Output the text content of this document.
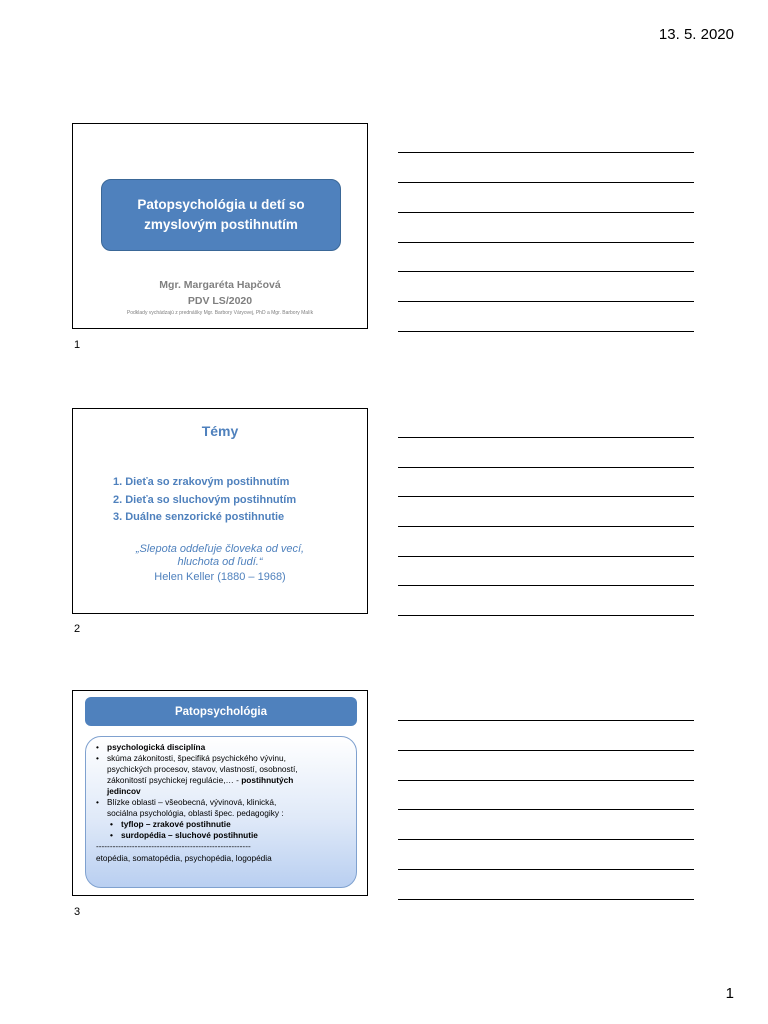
13. 5. 2020
Patopsychológia u detí so
zmyslovým postihnutím
Mgr. Margaréta Hapčová
PDV LS/2020
Podklady vychádzajú z prednášky Mgr. Barbory Váryovej, PhD a Mgr. Barbory Malík
1
Témy
1. Dieťa so zrakovým postihnutím
2. Dieťa so sluchovým postihnutím
3. Duálne senzorické postihnutie
„Slepota oddeľuje človeka od vecí,
hluchota od ľudí.“
Helen Keller (1880 – 1968)
2
Patopsychológia
• psychologická disciplína
• skúma zákonitosti, špecifiká psychického vývinu,
psychických procesov, stavov, vlastností, osobností,
zákonitostí psychickej regulácie,… - postihnutých
jedincov
• Blízke oblasti – všeobecná, vývinová, klinická,
sociálna psychológia, oblasti špec. pedagogiky :
• tyflop – zrakové postihnutie
• surdopédia – sluchové postihnutie
--------------------------------------------------------
etopédia, somatopédia, psychopédia, logopédia
3
1
